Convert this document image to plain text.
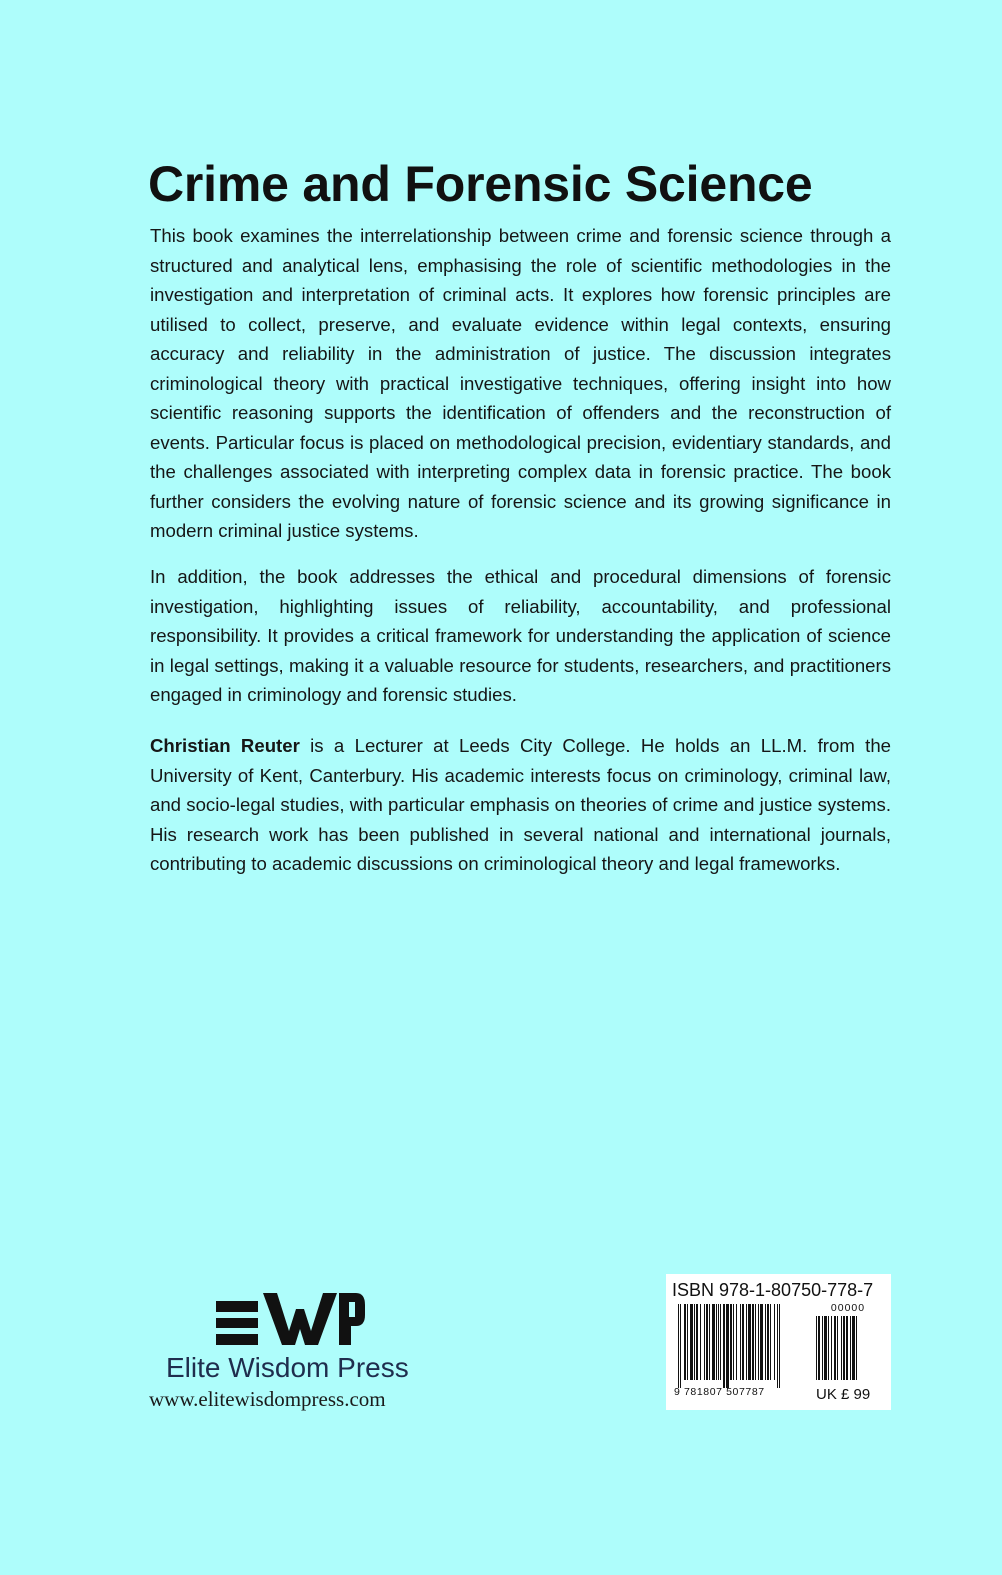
Crime and Forensic Science

This book examines the interrelationship between crime and forensic science through a structured and analytical lens, emphasising the role of scientific methodologies in the investigation and interpretation of criminal acts. It explores how forensic principles are utilised to collect, preserve, and evaluate evidence within legal contexts, ensuring accuracy and reliability in the administration of justice. The discussion integrates criminological theory with practical investigative techniques, offering insight into how scientific reasoning supports the identification of offenders and the reconstruction of events. Particular focus is placed on methodological precision, evidentiary standards, and the challenges associated with interpreting complex data in forensic practice. The book further considers the evolving nature of forensic science and its growing significance in modern criminal justice systems.

In addition, the book addresses the ethical and procedural dimensions of forensic investigation, highlighting issues of reliability, accountability, and professional responsibility. It provides a critical framework for understanding the application of science in legal settings, making it a valuable resource for students, researchers, and practitioners engaged in criminology and forensic studies.

Christian Reuter is a Lecturer at Leeds City College. He holds an LL.M. from the University of Kent, Canterbury. His academic interests focus on criminology, criminal law, and socio-legal studies, with particular emphasis on theories of crime and justice systems. His research work has been published in several national and international journals, contributing to academic discussions on criminological theory and legal frameworks.

Elite Wisdom Press

www.elitewisdompress.com

ISBN 978-1-80750-778-7
00000
9 781807 507787	UK £ 99
